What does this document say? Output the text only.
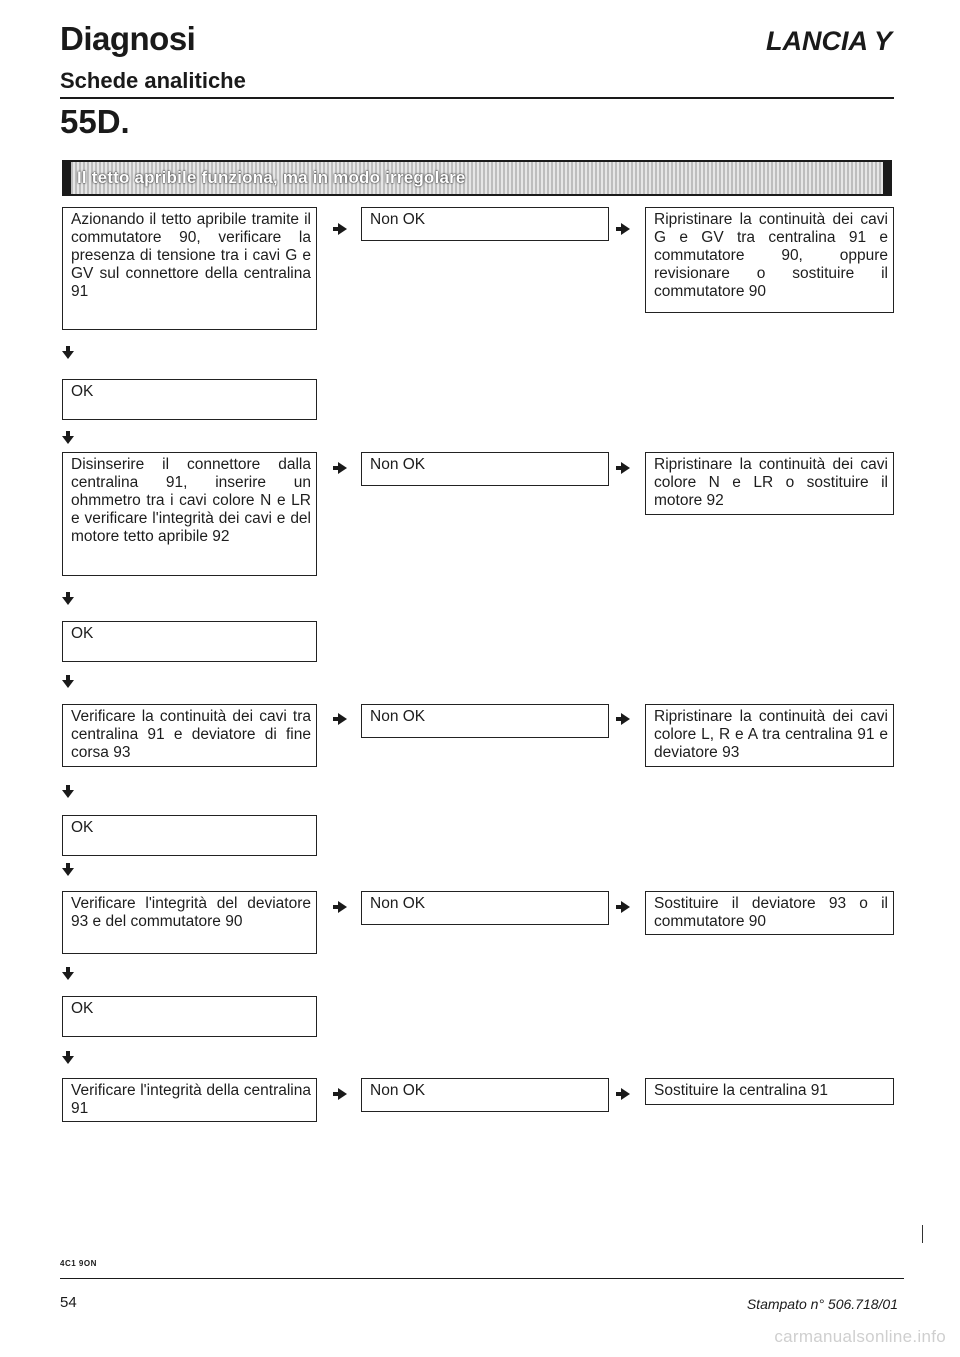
Diagnosi
Schede analitiche
LANCIA Y
55D.
Il tetto apribile funziona, ma in modo irregolare
Azionando il tetto apribile tramite il commutatore 90, verificare la presenza di tensione tra i cavi G e GV sul connettore della centralina 91
Non OK	Ripristinare la continuità dei cavi G e GV tra centralina 91 e commutatore 90, oppure revisionare o sostituire il commutatore 90
OK
Disinserire il connettore dalla centralina 91, inserire un ohmmetro tra i cavi colore N e LR e verificare l'integrità dei cavi e del motore tetto apribile 92
Non OK	Ripristinare la continuità dei cavi colore N e LR o sostituire il motore 92
OK
Verificare la continuità dei cavi tra centralina 91 e deviatore di fine corsa 93
Non OK	Ripristinare la continuità dei cavi colore L, R e A tra centralina 91 e deviatore 93
OK
Verificare l'integrità del deviatore 93 e del commutatore 90
Non OK	Sostituire il deviatore 93 o il commutatore 90
OK
Verificare l'integrità della centralina 91
Non OK	Sostituire la centralina 91
4C1 9ON
54	Stampato n° 506.718/01
carmanualsonline.info
